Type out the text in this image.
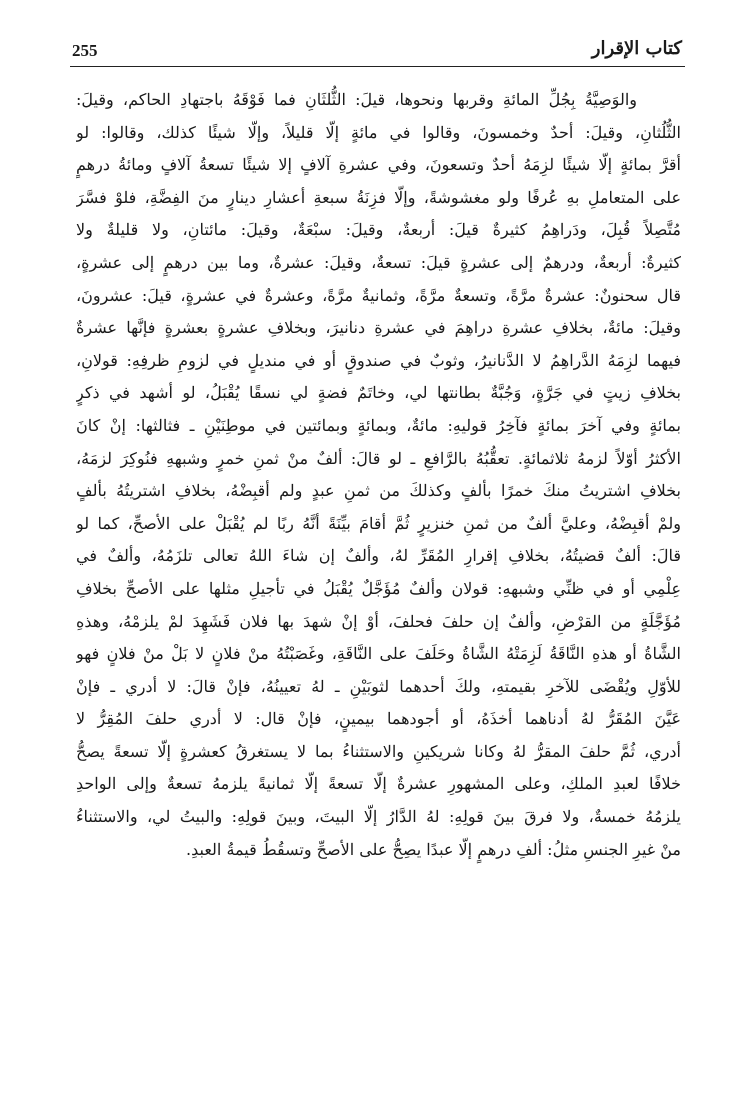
255	كتاب الإقرار
والوَصِيَّةُ بِجُلِّ المائةِ وقربها ونحوها، قيلَ: الثُّلثَانِ فما فَوْقَهُ باجتهادِ الحاكم، وقيلَ:
الثُّلُثانِ، وقيلَ: أحدٌ وخمسونَ، وقالوا في مائةٍ إلّا قليلاً، وإلّا شيئًا كذلك، وقالوا: لو
أقرَّ بمائةٍ إلّا شيئًا لزِمَهُ أحدٌ وتسعونَ، وفي عشرةِ آلافٍ إلا شيئًا تسعةُ آلافٍ ومائةُ درهمٍ
على المتعاملِ بهِ عُرفًا ولو مغشوشةً، وإلّا فزِنَةُ سبعةِ أعشارِ دينارٍ منَ الفِضَّةِ، فلوْ فسَّرَ
مُتَّصِلاً قُبِلَ، ودَراهِمُ كثيرةٌ قيلَ: أربعةٌ، وقيلَ: سبْعَةٌ، وقيلَ: مائتانِ، ولا قليلةٌ ولا
كثيرةٌ: أربعةٌ، ودرهمٌ إلى عشرةٍ قيلَ: تسعةٌ، وقيلَ: عشرةٌ، وما بين درهمٍ إلى عشرةٍ،
قال سحنونٌ: عشرةٌ مرَّةً، وتسعةٌ مرَّةً، وثمانيةٌ مرَّةً، وعشرةٌ في عشرةٍ، قيلَ: عشرونَ،
وقيلَ: مائةٌ، بخلافِ عشرةِ دراهِمَ في عشرةِ دنانيرَ، وبخلافِ عشرةٍ بعشرةٍ فإنَّها عشرةٌ
فيهما لزِمَهُ الدَّراهِمُ لا الدَّنانيرُ، وثوبٌ في صندوقٍ أو في منديلٍ في لزومِ ظرفِهِ: قولانِ،
بخلافِ زيتٍ في جَرَّةٍ، وَجُبَّةٌ بطانتها لي، وخاتَمٌ فضةٍ لي نسقًا يُقْبَلُ، لو أشهد في ذكرٍ
بمائةٍ وفي آخرَ بمائةٍ فآخِرُ قوليهِ: مائةٌ، وبمائةٍ وبمائتين في موطِنَيْنِ ـ فثالثها: إنْ كانَ
الأكثرُ أوّلاً لزمهُ ثلاثمائةٍ. تعقُّبُهُ بالرَّافعِ ـ لو قالَ: ألفٌ منْ ثمنِ خمرٍ وشبههِ فنُوكِرَ لزمَهُ،
بخلافِ اشتريتُ منكَ خمرًا بألفٍ وكذلكَ من ثمنِ عبدٍ ولم أقبِضْهُ، بخلافِ اشتريتُهُ بألفٍ
ولمْ أقبِضْهُ، وعليَّ ألفٌ من ثمنِ خنزيرٍ ثُمَّ أقامَ بيِّنَةً أنَّهُ ربًا لم يُقْبَلْ على الأصحِّ، كما لو
قالَ: ألفٌ قضيتُهُ، بخلافِ إقرارِ المُقَرِّ لهُ، وألفٌ إن شاءَ اللهُ تعالى تلزَمُهُ، وألفٌ في
عِلْمِي أو في ظنِّي وشبههِ: قولان وألفٌ مُؤَجَّلٌ يُقْبَلُ في تأجيلِ مثلها على الأصحِّ بخلافِ
مُؤَجَّلَةٍ من القرْضِ، وألفٌ إن حلفَ فحلفَ، أوْ إنْ شهدَ بها فلان فَشَهِدَ لمْ يلزمْهُ، وهذهِ
الشَّاةُ أو هذهِ النَّاقَةُ لَزِمَتْهُ الشَّاةُ وحَلَفَ على النَّاقَةِ، وغَصَبْتُهُ منْ فلانٍ لا بَلْ منْ فلانٍ فهو
للأوّلِ ويُقْضَى للآخرِ بقيمتهِ، ولكَ أحدهما لثوبَيْنِ ـ لهُ تعيينُهُ، فإنْ قالَ: لا أدري ـ فإنْ
عَيَّنَ المُقَرُّ لهُ أدناهما أخذَهُ، أو أجودهما بيمينٍ، فإنْ قال: لا أدري حلفَ المُقِرُّ لا
أدري، ثُمَّ حلفَ المقرُّ لهُ وكانا شريكينِ والاستثناءُ بما لا يستغرقُ كعشرةٍ إلّا تسعةً يصحُّ
خلافًا لعبدِ الملكِ، وعلى المشهورِ عشرةٌ إلّا تسعةً إلّا ثمانيةً يلزمهُ تسعةٌ وإلى الواحدِ
يلزمُهُ خمسةٌ، ولا فرقَ بينَ قولِهِ: لهُ الدَّارُ إلّا البيتَ، وبينَ قولِهِ: والبيتُ لي، والاستثناءُ
منْ غيرِ الجنسِ مثلُ: ألفِ درهمٍ إلّا عبدًا يصِحُّ على الأصحِّ وتسقُطُ قيمةُ العبدِ.
